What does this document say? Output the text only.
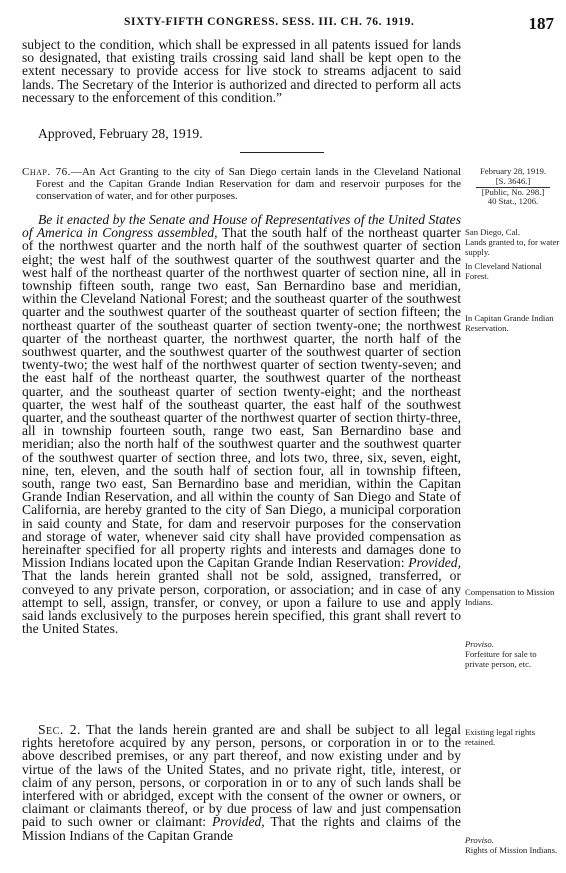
SIXTY-FIFTH CONGRESS. SESS. III. CH. 76. 1919.	187

subject to the condition, which shall be expressed in all patents issued for lands so designated, that existing trails crossing said land shall be kept open to the extent necessary to provide access for live stock to streams adjacent to said lands. The Secretary of the Interior is authorized and directed to perform all acts necessary to the enforcement of this condition.”

Approved, February 28, 1919.

Chap. 76.—An Act Granting to the city of San Diego certain lands in the Cleveland National Forest and the Capitan Grande Indian Reservation for dam and reservoir purposes for the conservation of water, and for other purposes.

Be it enacted by the Senate and House of Representatives of the United States of America in Congress assembled, That the south half of the northeast quarter of the northwest quarter and the north half of the southwest quarter of section eight; the west half of the southwest quarter of the southwest quarter and the west half of the northeast quarter of the northwest quarter of section nine, all in township fifteen south, range two east, San Bernardino base and meridian, within the Cleveland National Forest; and the southeast quarter of the southwest quarter and the southwest quarter of the southeast quarter of section fifteen; the northeast quarter of the southeast quarter of section twenty-one; the northwest quarter of the northeast quarter, the northwest quarter, the north half of the southwest quarter, and the southwest quarter of the southwest quarter of section twenty-two; the west half of the northwest quarter of section twenty-seven; and the east half of the northeast quarter, the southwest quarter of the northeast quarter, and the southeast quarter of section twenty-eight; and the northeast quarter, the west half of the southeast quarter, the east half of the southwest quarter, and the southeast quarter of the northwest quarter of section thirty-three, all in township fourteen south, range two east, San Bernardino base and meridian; also the north half of the southwest quarter and the southwest quarter of the southwest quarter of section three, and lots two, three, six, seven, eight, nine, ten, eleven, and the south half of section four, all in township fifteen, south, range two east, San Bernardino base and meridian, within the Capitan Grande Indian Reservation, and all within the county of San Diego and State of California, are hereby granted to the city of San Diego, a municipal corporation in said county and State, for dam and reservoir purposes for the conservation and storage of water, whenever said city shall have provided compensation as hereinafter specified for all property rights and interests and damages done to Mission Indians located upon the Capitan Grande Indian Reservation: Provided, That the lands herein granted shall not be sold, assigned, transferred, or conveyed to any private person, corporation, or association; and in case of any attempt to sell, assign, transfer, or convey, or upon a failure to use and apply said lands exclusively to the purposes herein specified, this grant shall revert to the United States.

Sec. 2. That the lands herein granted are and shall be subject to all legal rights heretofore acquired by any person, persons, or corporation in or to the above described premises, or any part thereof, and now existing under and by virtue of the laws of the United States, and no private right, title, interest, or claim of any person, persons, or corporation in or to any of such lands shall be interfered with or abridged, except with the consent of the owner or owners, or claimant or claimants thereof, or by due process of law and just compensation paid to such owner or claimant: Provided, That the rights and claims of the Mission Indians of the Capitan Grande

February 28, 1919.
[S. 3646.]
[Public, No. 298.]
40 Stat., 1206.
San Diego, Cal.
Lands granted to, for water supply.
In Cleveland National Forest.
In Capitan Grande Indian Reservation.
Compensation to Mission Indians.
Proviso.
Forfeiture for sale to private person, etc.
Existing legal rights retained.
Proviso.
Rights of Mission Indians.
